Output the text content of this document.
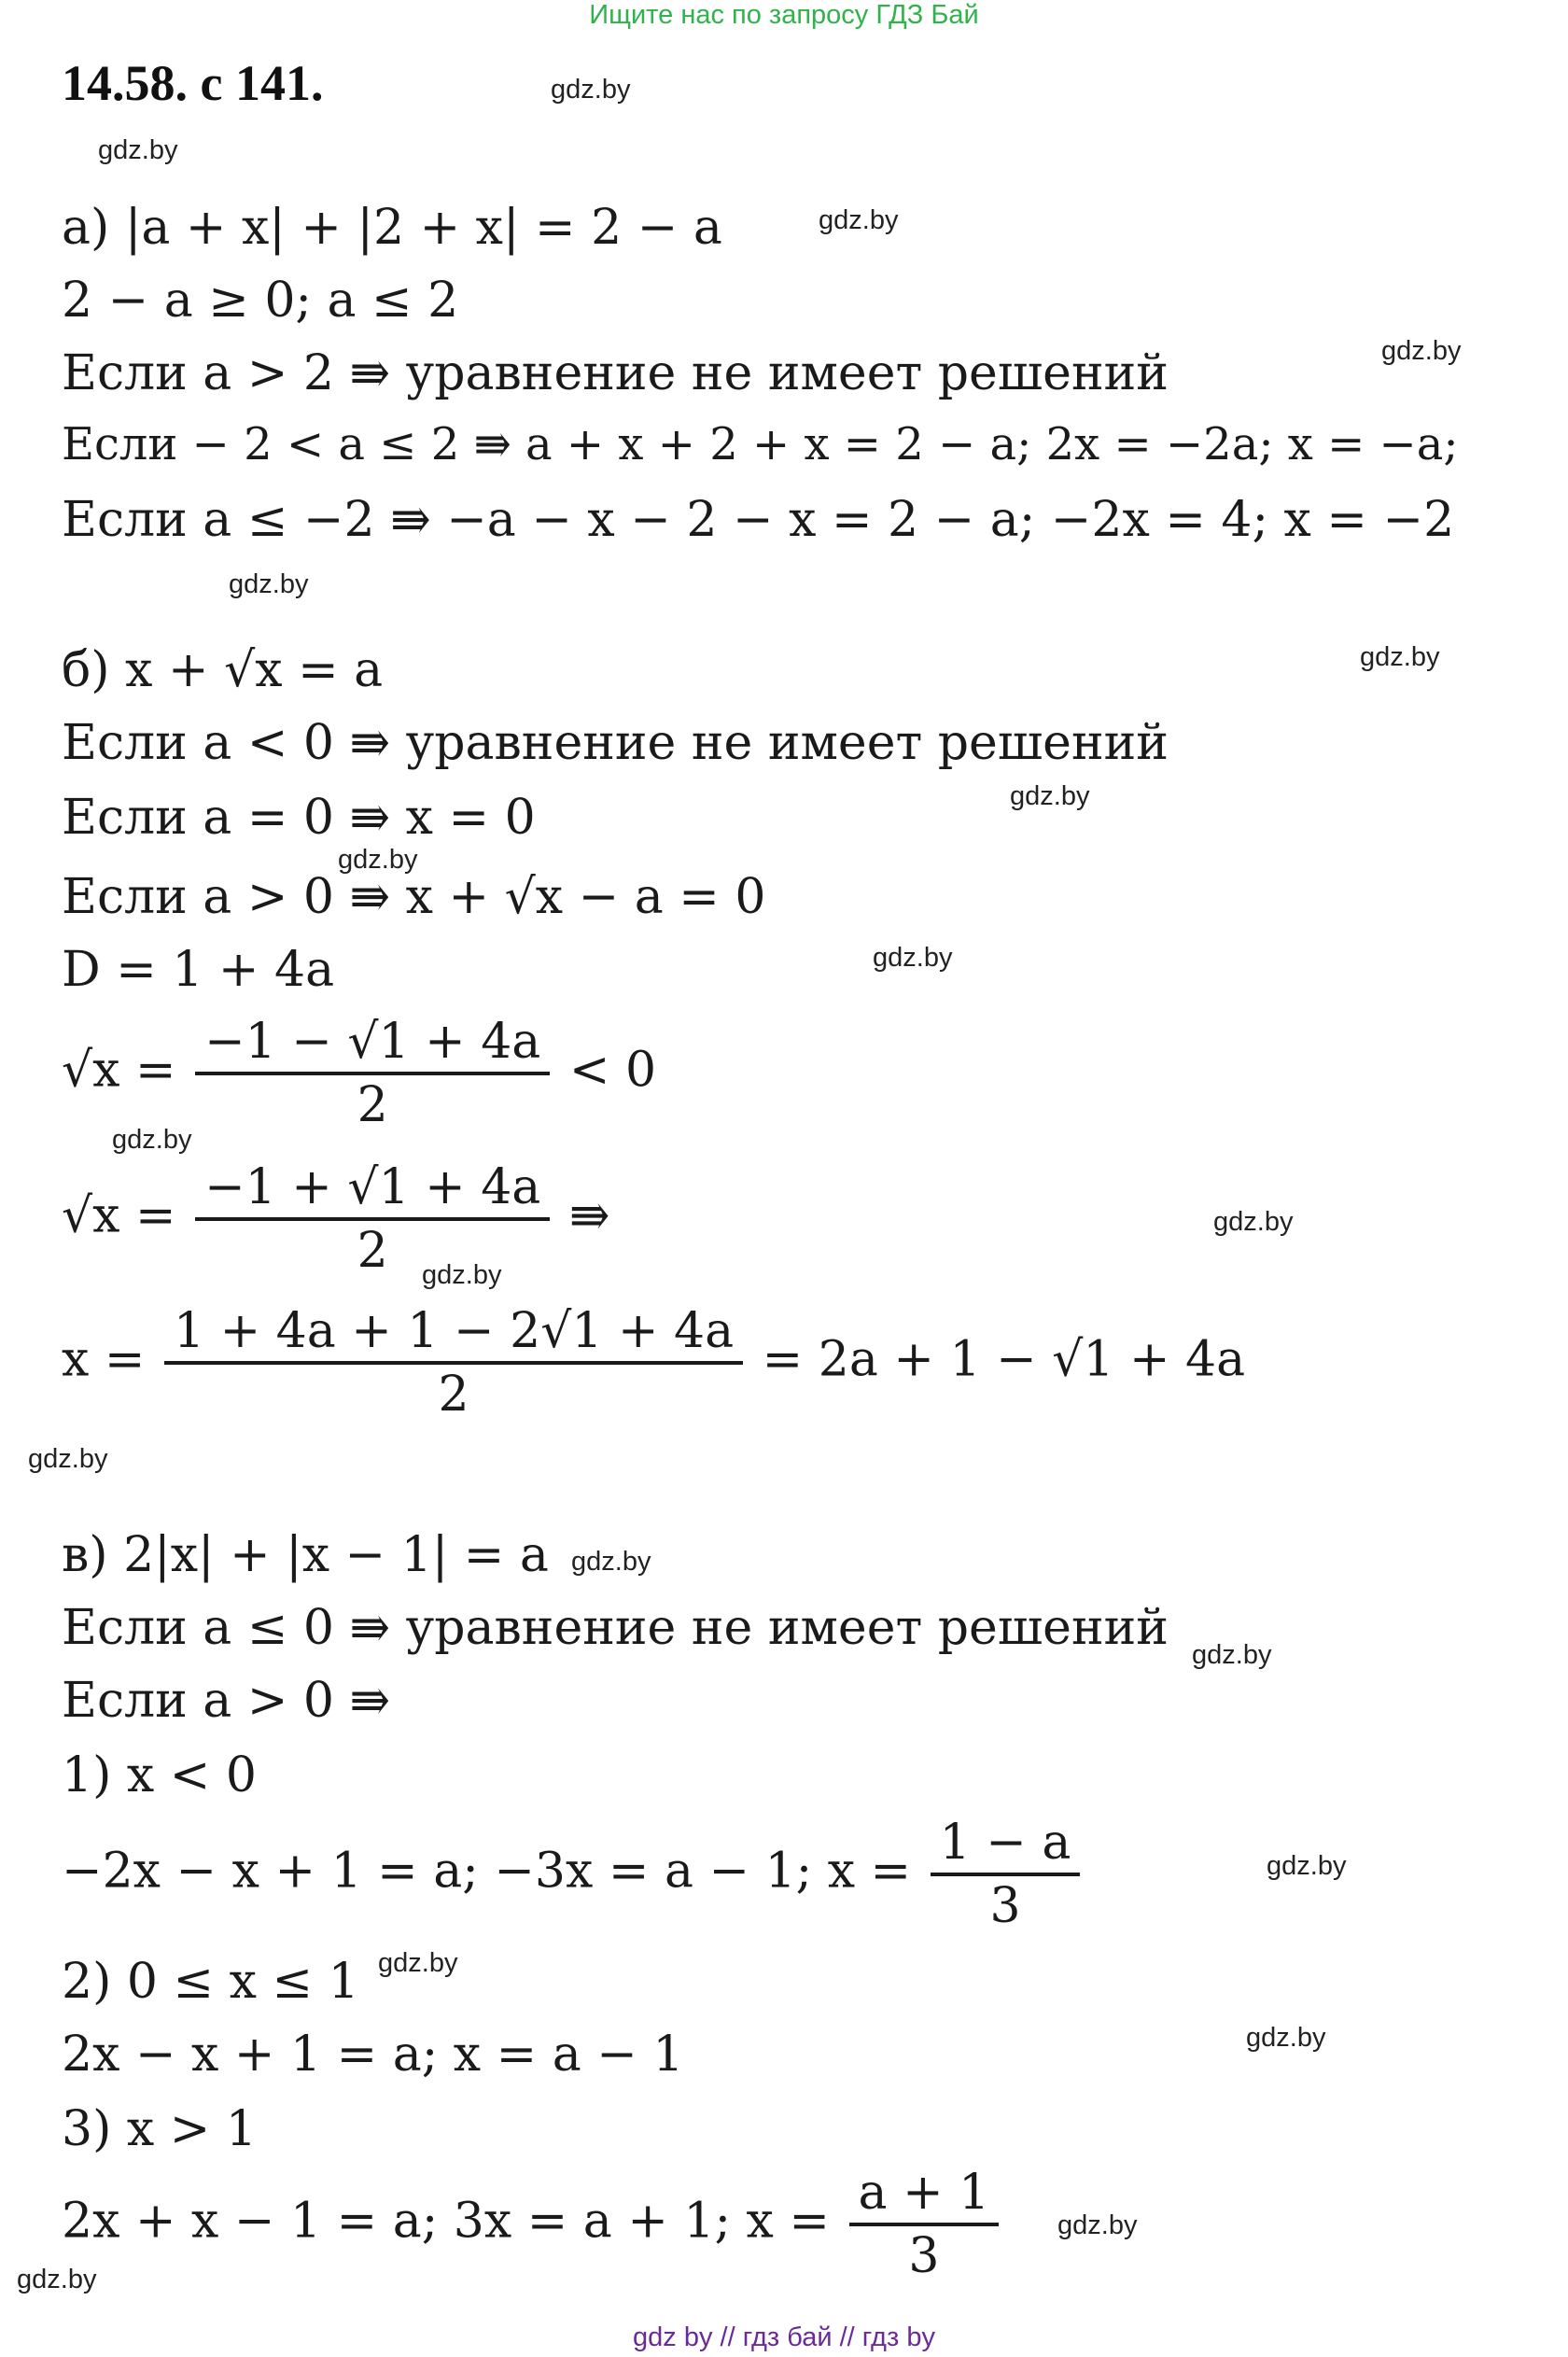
Ищите нас по запросу ГДЗ Бай
14.58. с 141.	gdz.by
gdz.by
gdz.by
gdz.by
gdz.by
gdz.by
gdz.by
gdz.by
gdz.by
gdz.by
gdz.by
gdz.by
gdz.by
gdz.by
gdz.by
gdz.by
gdz.by
gdz.by
gdz.by
gdz.by
а) |a + x| + |2 + x| = 2 − a
2 − a ≥ 0; a ≤ 2
Если a > 2 ⇛ уравнение не имеет решений
Если − 2 < a ≤ 2 ⇛ a + x + 2 + x = 2 − a; 2x = −2a; x = −a;
Если a ≤ −2 ⇛ −a − x − 2 − x = 2 − a; −2x = 4; x = −2
б) x + √x = a
Если a < 0 ⇛ уравнение не имеет решений
Если a = 0 ⇛ x = 0
Если a > 0 ⇛ x + √x − a = 0
D = 1 + 4a
$√x = \frac{-1 - √1 + 4a}{2} < 0$
$√x = \frac{-1 + √1 + 4a}{2}$ ⇛
$x = \frac{1 + 4a + 1 - 2√1 + 4a}{2} = 2a + 1 - √1 + 4a$
в) 2|x| + |x − 1| = a
Если a ≤ 0 ⇛ уравнение не имеет решений
Если a > 0 ⇛
1) x < 0
−2x − x + 1 = a; −3x = a − 1; $x = \frac{1 - a}{3}$
2) 0 ≤ x ≤ 1
2x − x + 1 = a; x = a − 1
3) x > 1
2x + x − 1 = a; 3x = a + 1; $x = \frac{a + 1}{3}$
gdz by // гдз бай // гдз by
